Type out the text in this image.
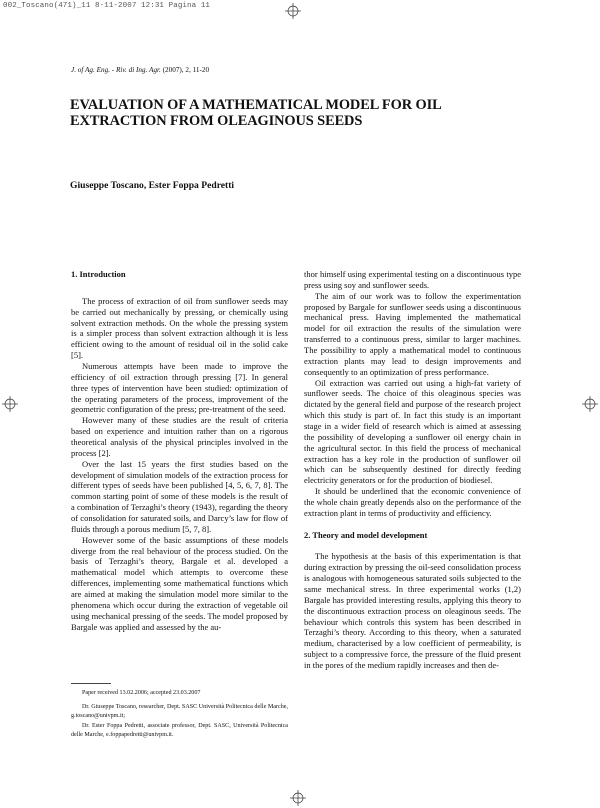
002_Toscano(471)_11 8-11-2007 12:31 Pagina 11
J. of Ag. Eng. - Riv. di Ing. Agr. (2007), 2, 11-20
EVALUATION OF A MATHEMATICAL MODEL FOR OIL
EXTRACTION FROM OLEAGINOUS SEEDS
Giuseppe Toscano, Ester Foppa Pedretti
1. Introduction

The process of extraction of oil from sunflower seeds may be carried out mechanically by pressing, or chemically using solvent extraction methods. On the whole the pressing system is a simpler process than solvent extraction although it is less efficient owing to the amount of residual oil in the solid cake [5].

Numerous attempts have been made to improve the efficiency of oil extraction through pressing [7]. In general three types of intervention have been studied: optimization of the operating parameters of the process, improvement of the geometric configuration of the press; pre-treatment of the seed.

However many of these studies are the result of criteria based on experience and intuition rather than on a rigorous theoretical analysis of the physical principles involved in the process [2].

Over the last 15 years the first studies based on the development of simulation models of the extraction process for different types of seeds have been published [4, 5, 6, 7, 8]. The common starting point of some of these models is the result of a combination of Terzaghi’s theory (1943), regarding the theory of consolidation for saturated soils, and Darcy’s law for flow of fluids through a porous medium [5, 7, 8].

However some of the basic assumptions of these models diverge from the real behaviour of the process studied. On the basis of Terzaghi’s theory, Bargale et al. developed a mathematical model which attempts to overcome these differences, implementing some mathematical functions which are aimed at making the simulation model more similar to the phenomena which occur during the extraction of vegetable oil using mechanical pressing of the seeds. The model proposed by Bargale was applied and assessed by the au-

thor himself using experimental testing on a discontinuous type press using soy and sunflower seeds.

The aim of our work was to follow the experimentation proposed by Bargale for sunflower seeds using a discontinuous mechanical press. Having implemented the mathematical model for oil extraction the results of the simulation were transferred to a continuous press, similar to larger machines. The possibility to apply a mathematical model to continuous extraction plants may lead to design improvements and consequently to an optimization of press performance.

Oil extraction was carried out using a high-fat variety of sunflower seeds. The choice of this oleaginous species was dictated by the general field and purpose of the research project which this study is part of. In fact this study is an important stage in a wider field of research which is aimed at assessing the possibility of developing a sunflower oil energy chain in the agricultural sector. In this field the process of mechanical extraction has a key role in the production of sunflower oil which can be subsequently destined for directly feeding electricity generators or for the production of biodiesel.

It should be underlined that the economic convenience of the whole chain greatly depends also on the performance of the extraction plant in terms of productivity and efficiency.

2. Theory and model development

The hypothesis at the basis of this experimentation is that during extraction by pressing the oil-seed consolidation process is analogous with homogeneous saturated soils subjected to the same mechanical stress. In three experimental works (1,2) Bargale has provided interesting results, applying this theory to the discontinuous extraction process on oleaginous seeds. The behaviour which controls this system has been described in Terzaghi’s theory. According to this theory, when a saturated medium, characterised by a low coefficient of permeability, is subject to a compressive force, the pressure of the fluid present in the pores of the medium rapidly increases and then de-

Paper received 13.02.2006; accepted 23.03.2007

Dr. Giuseppe Toscano, researcher, Dept. SASC Università Politecnica delle Marche, g.toscano@univpm.it;

Dr. Ester Foppa Pedretti, associate professor, Dept. SASC, Università Politecnica delle Marche, e.foppapedretti@univpm.it.
